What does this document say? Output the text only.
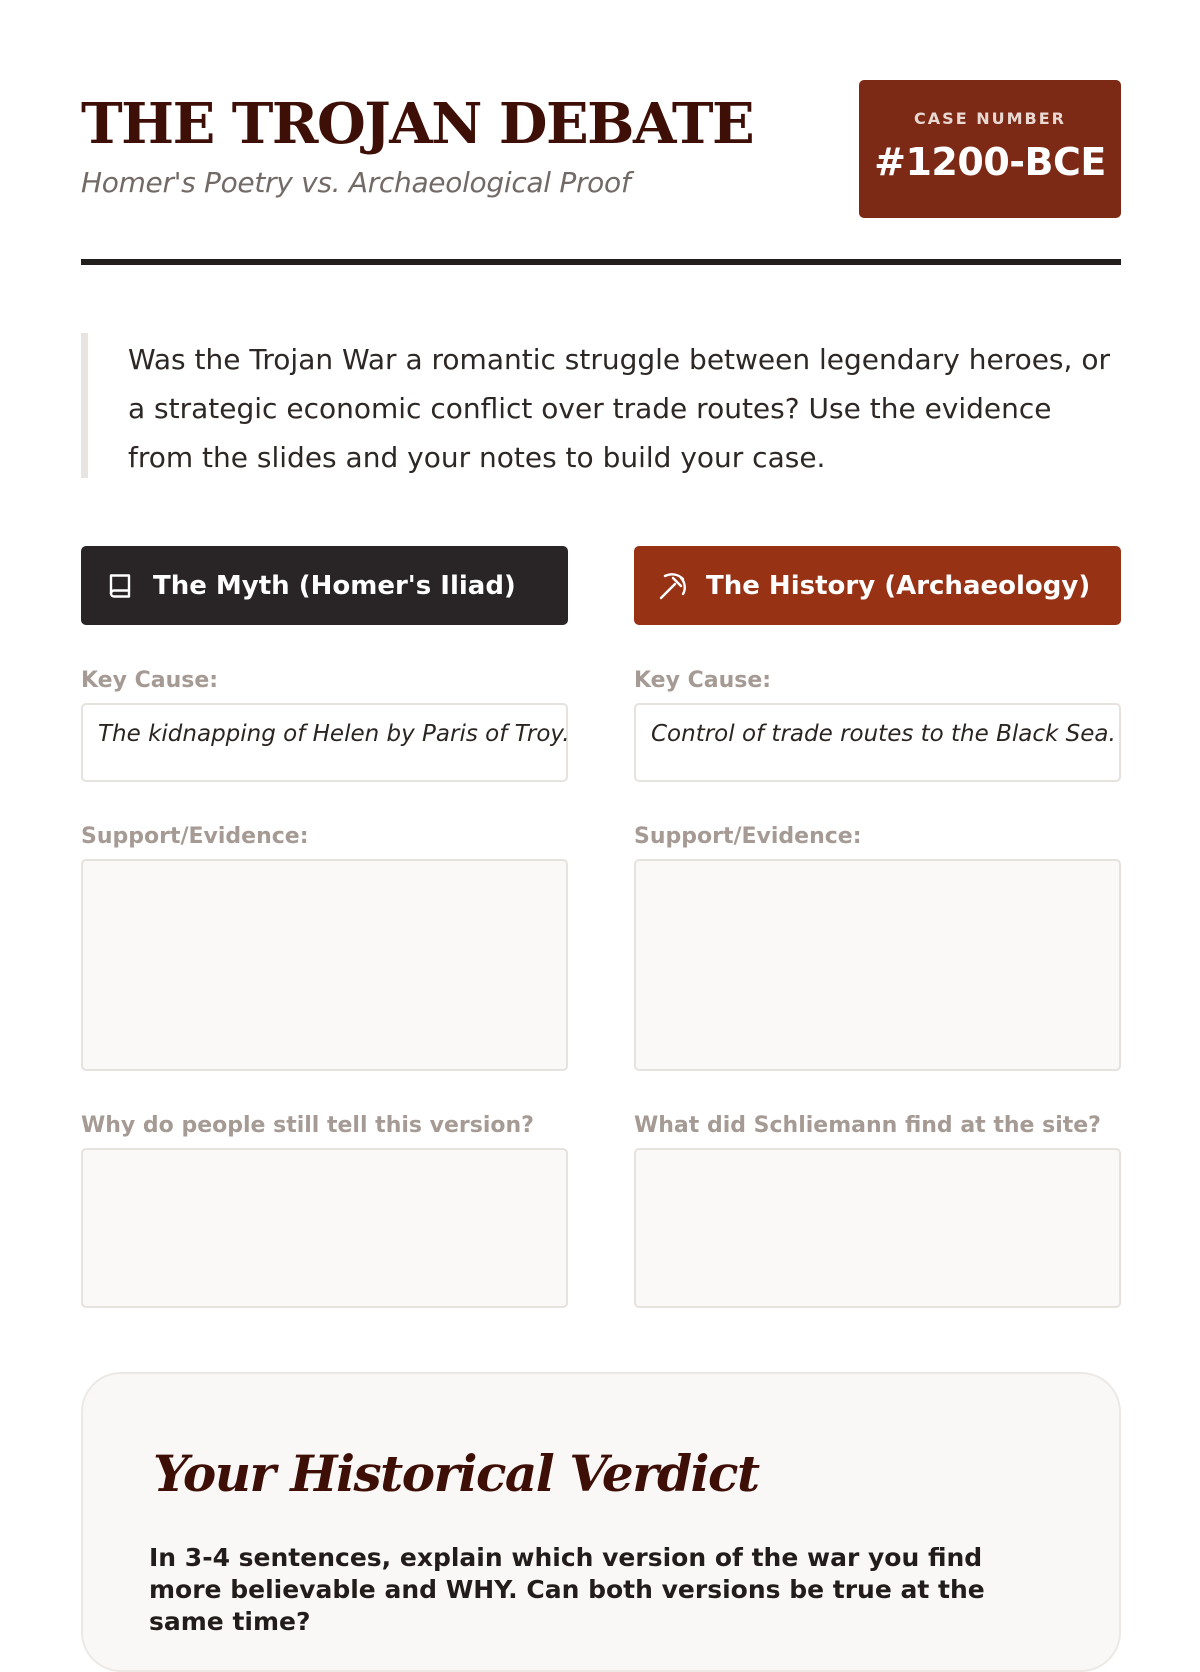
THE TROJAN DEBATE
Homer's Poetry vs. Archaeological Proof
CASE NUMBER
#1200-BCE
Was the Trojan War a romantic struggle between legendary heroes, or a strategic economic conflict over trade routes? Use the evidence from the slides and your notes to build your case.
The Myth (Homer's Iliad)
Key Cause:
The kidnapping of Helen by Paris of Troy.
Support/Evidence:
Why do people still tell this version?
The History (Archaeology)
Key Cause:
Control of trade routes to the Black Sea.
Support/Evidence:
What did Schliemann find at the site?
Your Historical Verdict
In 3-4 sentences, explain which version of the war you find more believable and WHY. Can both versions be true at the same time?
